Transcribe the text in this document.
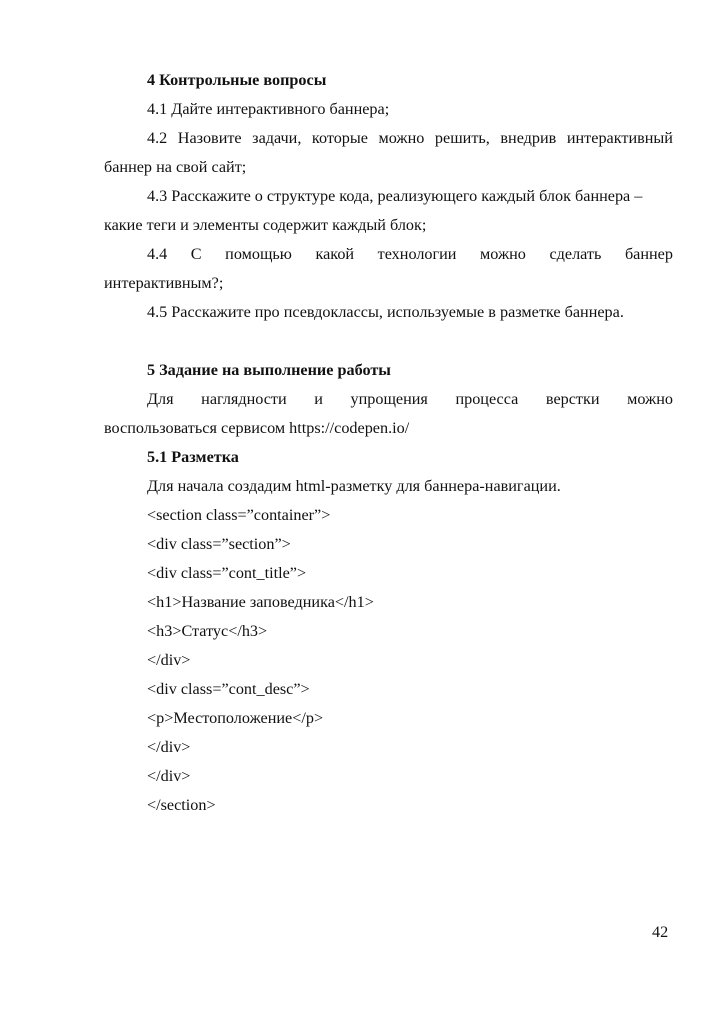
4 Контрольные вопросы

4.1 Дайте интерактивного баннера;

4.2 Назовите задачи, которые можно решить, внедрив интерактивный

баннер на свой сайт;

4.3 Расскажите о структуре кода, реализующего каждый блок баннера –

какие теги и элементы содержит каждый блок;

4.4 С помощью какой технологии можно сделать баннер

интерактивным?;

4.5 Расскажите про псевдоклассы, используемые в разметке баннера.

5 Задание на выполнение работы

Для наглядности и упрощения процесса верстки можно

воспользоваться сервисом https://codepen.io/

5.1 Разметка

Для начала создадим html-разметку для баннера-навигации.

<section class=”container”>

<div class=”section”>

<div class=”cont_title”>

<h1>Название заповедника</h1>

<h3>Статус</h3>

</div>

<div class=”cont_desc”>

<p>Местоположение</p>

</div>

</div>

</section>

42
